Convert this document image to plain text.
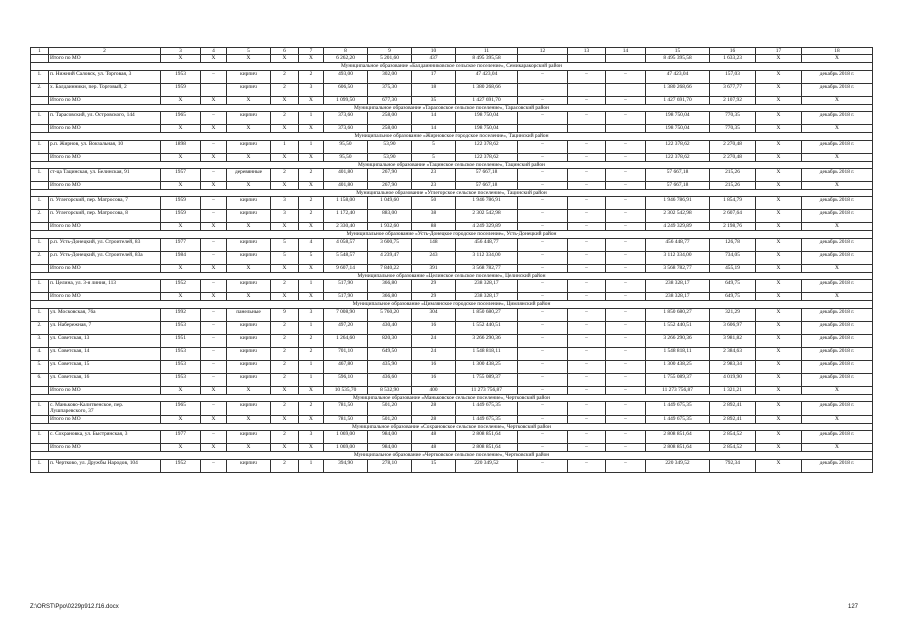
1	2	3	4	5	6	7	8	9	10	11	12	13	14	15	16	17	18
	Итого по МО	X	X	X	X	X	6 262,20	5 201,60	437	8 495 395,58				8 495 395,58	1 633,23	X	X
Муниципальное образование «Балдаинниковское сельское поселение», Семикаракорский район																	
1.	п. Нижний Саловск, ул. Торговая, 3	1953	–	кирпич	2	2	493,00	302,00	17	47 423,04	–	–	–	47 423,04	157,03	X	декабрь 2018 г.
2.	х. Балдаинники, пер. Торговый, 2	1959		кирпич	2	3	606,50	375,30	18	1 380 268,66				1 380 268,66	3 677,77	X	декабрь 2018 г.
	Итого по МО	X	X	X	X	X	1 099,50	677,30	35	1 427 691,70	–	–	–	1 427 691,70	2 107,92	X	X
Муниципальное образование «Тарасовское сельское поселение», Тарасовский район																	
1.	п. Тарасовский, ул. Островского, 144	1965	–	кирпич	2	1	373,60	258,00	14	198 750,04	–	–	–	198 750,04	770,35	X	декабрь 2018 г.
	Итого по МО	X	X	X	X	X	373,60	258,00	14	198 750,04				198 750,04	770,35	X	X
Муниципальное образование «Жирновское городское поселение», Тацинский район																	
1.	р.п. Жирнов, ул. Вокзальная, 10	1898	–	кирпич	1	1	95,50	53,90	5	122 378,62	–	–	–	122 378,62	2 270,48	X	декабрь 2018 г.
	Итого по МО	X	X	X	X	X	95,50	53,90	5	122 378,62	–	–	–	122 378,62	2 270,48	X	X
Муниципальное образование «Тацинское сельское поселение», Тацинский район																	
1.	ст-ца Тацинская, ул. Белинская, 91	1957	–	деревянные	2	2	401,80	267,90	23	57 667,18	–	–	–	57 667,18	215,26	X	декабрь 2018 г.
	Итого по МО	X	X	X	X	X	401,80	267,90	23	57 667,18	–	–	–	57 667,18	215,26	X	X
Муниципальное образование «Углегорское сельское поселение», Тацинский район																	
1.	п. Углегорский, пер. Матросова, 7	1959	–	кирпич	3	2	1 158,00	1 049,60	50	1 946 786,91	–	–	–	1 946 786,91	1 854,79	X	декабрь 2018 г.
2.	п. Углегорский, пер. Матросова, 8	1959	–	кирпич	3	2	1 172,40	883,00	38	2 302 542,98	–	–	–	2 302 542,98	2 607,64	X	декабрь 2018 г.
	Итого по МО	X	X	X	X	X	2 330,40	1 932,60	88	4 249 329,89	–	–	–	4 249 329,89	2 198,76	X	X
Муниципальное образование «Усть-Донецкое городское поселение», Усть-Донецкий район																	
1.	р.п. Усть-Донецкий, ул. Строителей, 83	1977	–	кирпич	5	4	4 058,57	3 600,75	148	456 448,77	–	–	–	456 448,77	126,78	X	декабрь 2018 г.
2.	р.п. Усть-Донецкий, ул. Строителей, 83а	1984	–	кирпич	5	5	5 548,57	4 239,47	243	3 112 334,00	–	–	–	3 112 334,00	734,05	X	декабрь 2018 г.
	Итого по МО	X	X	X	X	X	9 607,14	7 840,22	391	3 568 782,77	–	–	–	3 568 782,77	455,19	X	X
Муниципальное образование «Целинское сельское поселение», Целинский район																	
1.	п. Целина, ул. 3-я линия, 113	1952	–	кирпич	2	1	517,90	366,80	29	238 328,17	–	–	–	238 328,17	649,75	X	декабрь 2018 г.
	Итого по МО	X	X	X	X	X	517,90	366,80	29	238 328,17	–	–	–	238 328,17	649,75	X	X
Муниципальное образование «Цимлянское городское поселение», Цимлянский район																	
1.	ул. Московская, 76а	1992	–	панельные	9	3	7 008,90	5 760,20	304	1 850 680,27	–	–	–	1 850 680,27	321,29	X	декабрь 2018 г.
2.	ул. Набережная, 7	1953	–	кирпич	2	1	497,20	430,40	16	1 552 440,51	–	–	–	1 552 440,51	3 606,97	X	декабрь 2018 г.
3.	ул. Советская, 13	1951	–	кирпич	2	2	1 264,60	820,30	24	3 266 290,36	–	–	–	3 266 290,36	3 981,82	X	декабрь 2018 г.
4.	ул. Советская, 14	1953	–	кирпич	2	2	701,10	649,50	24	1 548 818,11	–	–	–	1 548 818,11	2 384,63	X	декабрь 2018 г.
5.	ул. Советская, 15	1953	–	кирпич	2	1	467,80	435,90	16	1 300 438,25	–	–	–	1 300 438,25	2 983,34	X	декабрь 2018 г.
6.	ул. Советская, 16	1953	–	кирпич	2	1	596,10	436,60	16	1 755 089,37	–	–	–	1 755 089,37	4 019,90	X	декабрь 2018 г.
	Итого по МО	X	X	X	X	X	10 535,70	8 532,90	400	11 273 756,87	–	–	–	11 273 756,87	1 321,21	X	X
Муниципальное образование «Маньковское сельское поселение», Чертковский район																	
1.	с. Маньково-Калитвенское, пер. Лушпаревского, 37	1965	–	кирпич	2	2	781,50	501,20	28	1 449 675,35	–	–	–	1 449 675,35	2 892,41	X	декабрь 2018 г.
	Итого по МО	X	X	X	X	X	781,50	501,20	28	1 449 675,35	–	–	–	1 449 675,35	2 892,41	X	X
Муниципальное образование «Сохрановское сельское поселение», Чертковский район																	
1.	с. Сохрановка, ул. Быстрянская, 3	1977	–	кирпич	2	3	1 069,00	984,00	48	2 808 851,64	–	–	–	2 808 851,64	2 854,52	X	декабрь 2018 г.
	Итого по МО	X	X	X	X	X	1 069,00	984,00	48	2 808 851,64	–	–	–	2 808 851,64	2 854,52	X	X
Муниципальное образование «Чертковское сельское поселение», Чертковский район																	
1.	п. Чертково, ул. Дружбы Народов, 104	1952	–	кирпич	2	1	394,90	278,10	15	220 349,52	–	–	–	220 349,52	792,34	X	декабрь 2018 г.
Z:\ORST\Ppo\0229p912.f16.docx	127
